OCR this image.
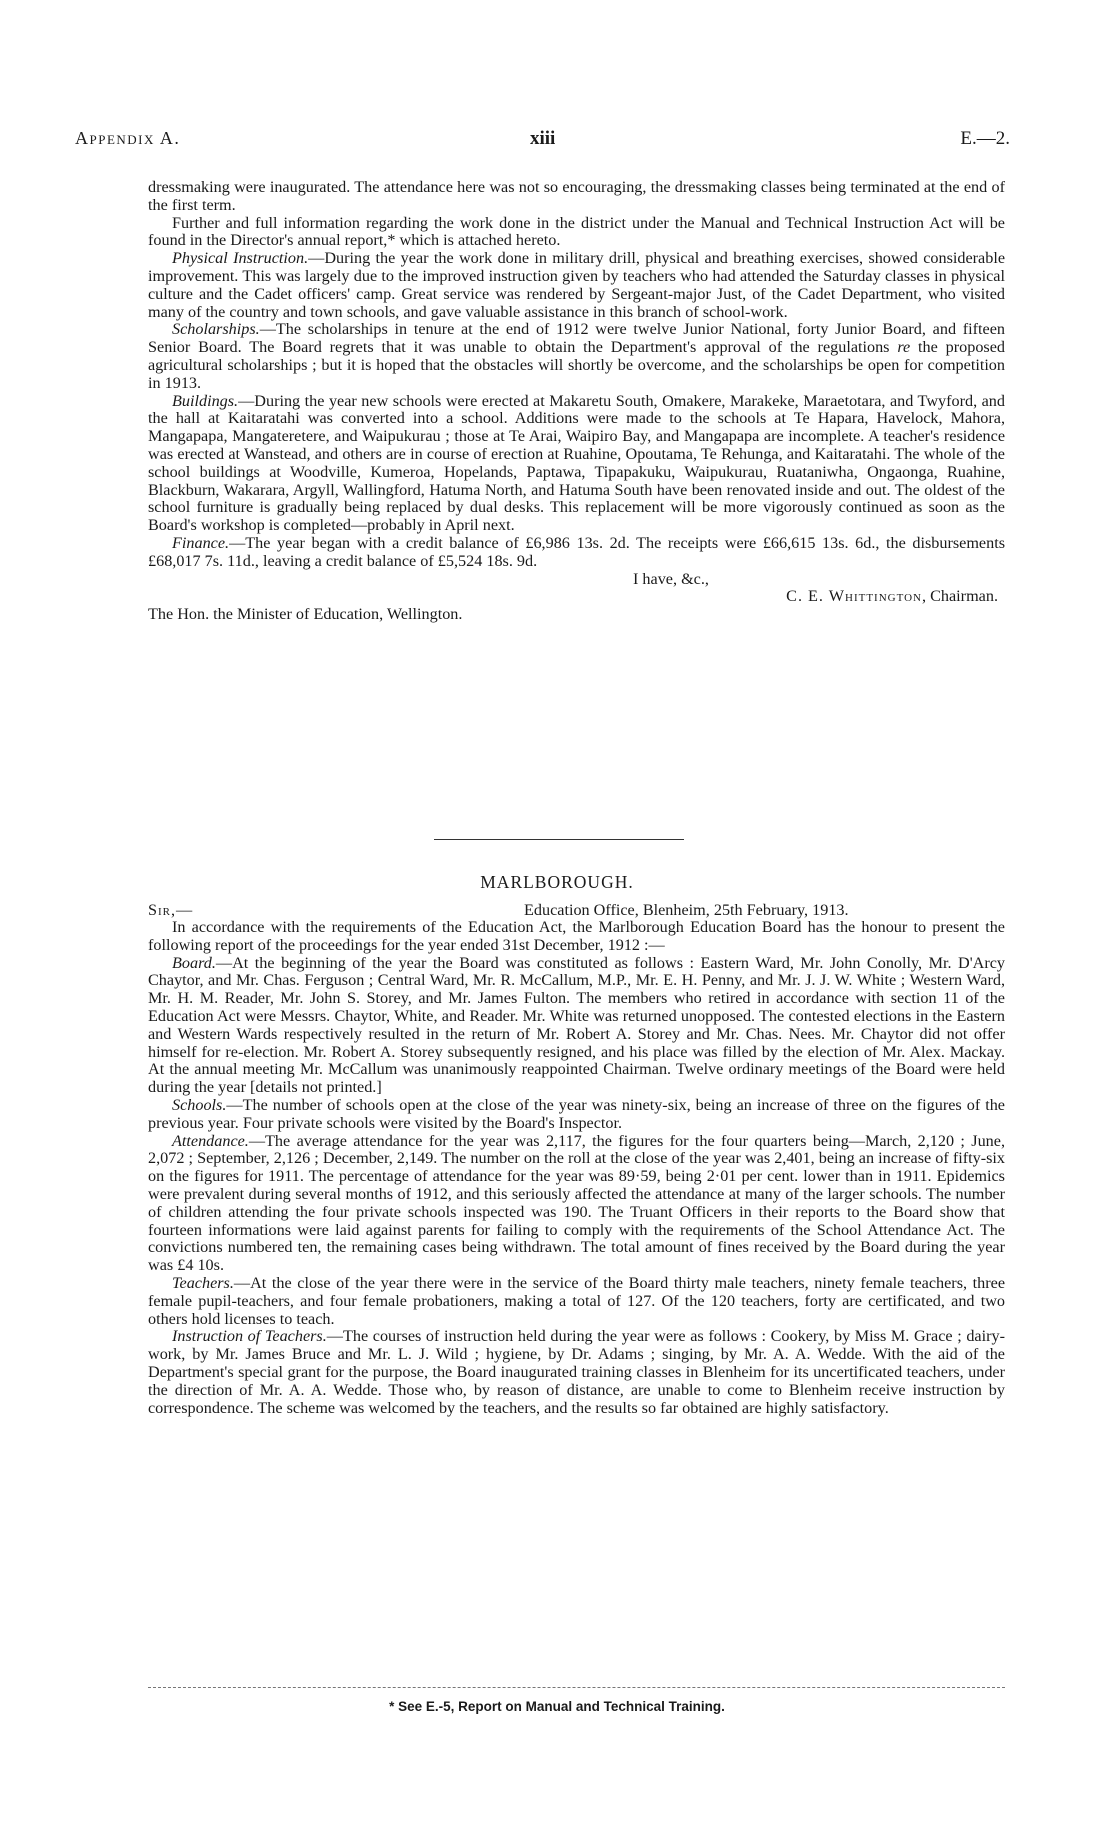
Appendix A.	xiii	E.—2.

dressmaking were inaugurated. The attendance here was not so encouraging, the dressmaking classes being terminated at the end of the first term.

Further and full information regarding the work done in the district under the Manual and Technical Instruction Act will be found in the Director's annual report,* which is attached hereto.

Physical Instruction.—During the year the work done in military drill, physical and breathing exercises, showed considerable improvement. This was largely due to the improved instruction given by teachers who had attended the Saturday classes in physical culture and the Cadet officers' camp. Great service was rendered by Sergeant-major Just, of the Cadet Department, who visited many of the country and town schools, and gave valuable assistance in this branch of school-work.

Scholarships.—The scholarships in tenure at the end of 1912 were twelve Junior National, forty Junior Board, and fifteen Senior Board. The Board regrets that it was unable to obtain the Department's approval of the regulations re the proposed agricultural scholarships ; but it is hoped that the obstacles will shortly be overcome, and the scholarships be open for competition in 1913.

Buildings.—During the year new schools were erected at Makaretu South, Omakere, Marakeke, Maraetotara, and Twyford, and the hall at Kaitaratahi was converted into a school. Additions were made to the schools at Te Hapara, Havelock, Mahora, Mangapapa, Mangateretere, and Waipukurau ; those at Te Arai, Waipiro Bay, and Mangapapa are incomplete. A teacher's residence was erected at Wanstead, and others are in course of erection at Ruahine, Opoutama, Te Rehunga, and Kaitaratahi. The whole of the school buildings at Woodville, Kumeroa, Hopelands, Paptawa, Tipapakuku, Waipukurau, Ruataniwha, Ongaonga, Ruahine, Blackburn, Wakarara, Argyll, Wallingford, Hatuma North, and Hatuma South have been renovated inside and out. The oldest of the school furniture is gradually being replaced by dual desks. This replacement will be more vigorously continued as soon as the Board's workshop is completed—probably in April next.

Finance.—The year began with a credit balance of £6,986 13s. 2d. The receipts were £66,615 13s. 6d., the disbursements £68,017 7s. 11d., leaving a credit balance of £5,524 18s. 9d.

I have, &c.,
C. E. Whittington, Chairman.
The Hon. the Minister of Education, Wellington.
MARLBOROUGH.
Sir,—	Education Office, Blenheim, 25th February, 1913.

In accordance with the requirements of the Education Act, the Marlborough Education Board has the honour to present the following report of the proceedings for the year ended 31st December, 1912 :—

Board.—At the beginning of the year the Board was constituted as follows : Eastern Ward, Mr. John Conolly, Mr. D'Arcy Chaytor, and Mr. Chas. Ferguson ; Central Ward, Mr. R. McCallum, M.P., Mr. E. H. Penny, and Mr. J. J. W. White ; Western Ward, Mr. H. M. Reader, Mr. John S. Storey, and Mr. James Fulton. The members who retired in accordance with section 11 of the Education Act were Messrs. Chaytor, White, and Reader. Mr. White was returned unopposed. The contested elections in the Eastern and Western Wards respectively resulted in the return of Mr. Robert A. Storey and Mr. Chas. Nees. Mr. Chaytor did not offer himself for re-election. Mr. Robert A. Storey subsequently resigned, and his place was filled by the election of Mr. Alex. Mackay. At the annual meeting Mr. McCallum was unanimously reappointed Chairman. Twelve ordinary meetings of the Board were held during the year [details not printed.]

Schools.—The number of schools open at the close of the year was ninety-six, being an increase of three on the figures of the previous year. Four private schools were visited by the Board's Inspector.

Attendance.—The average attendance for the year was 2,117, the figures for the four quarters being—March, 2,120 ; June, 2,072 ; September, 2,126 ; December, 2,149. The number on the roll at the close of the year was 2,401, being an increase of fifty-six on the figures for 1911. The percentage of attendance for the year was 89·59, being 2·01 per cent. lower than in 1911. Epidemics were prevalent during several months of 1912, and this seriously affected the attendance at many of the larger schools. The number of children attending the four private schools inspected was 190. The Truant Officers in their reports to the Board show that fourteen informations were laid against parents for failing to comply with the requirements of the School Attendance Act. The convictions numbered ten, the remaining cases being withdrawn. The total amount of fines received by the Board during the year was £4 10s.

Teachers.—At the close of the year there were in the service of the Board thirty male teachers, ninety female teachers, three female pupil-teachers, and four female probationers, making a total of 127. Of the 120 teachers, forty are certificated, and two others hold licenses to teach.

Instruction of Teachers.—The courses of instruction held during the year were as follows : Cookery, by Miss M. Grace ; dairy-work, by Mr. James Bruce and Mr. L. J. Wild ; hygiene, by Dr. Adams ; singing, by Mr. A. A. Wedde. With the aid of the Department's special grant for the purpose, the Board inaugurated training classes in Blenheim for its uncertificated teachers, under the direction of Mr. A. A. Wedde. Those who, by reason of distance, are unable to come to Blenheim receive instruction by correspondence. The scheme was welcomed by the teachers, and the results so far obtained are highly satisfactory.

* See E.-5, Report on Manual and Technical Training.
